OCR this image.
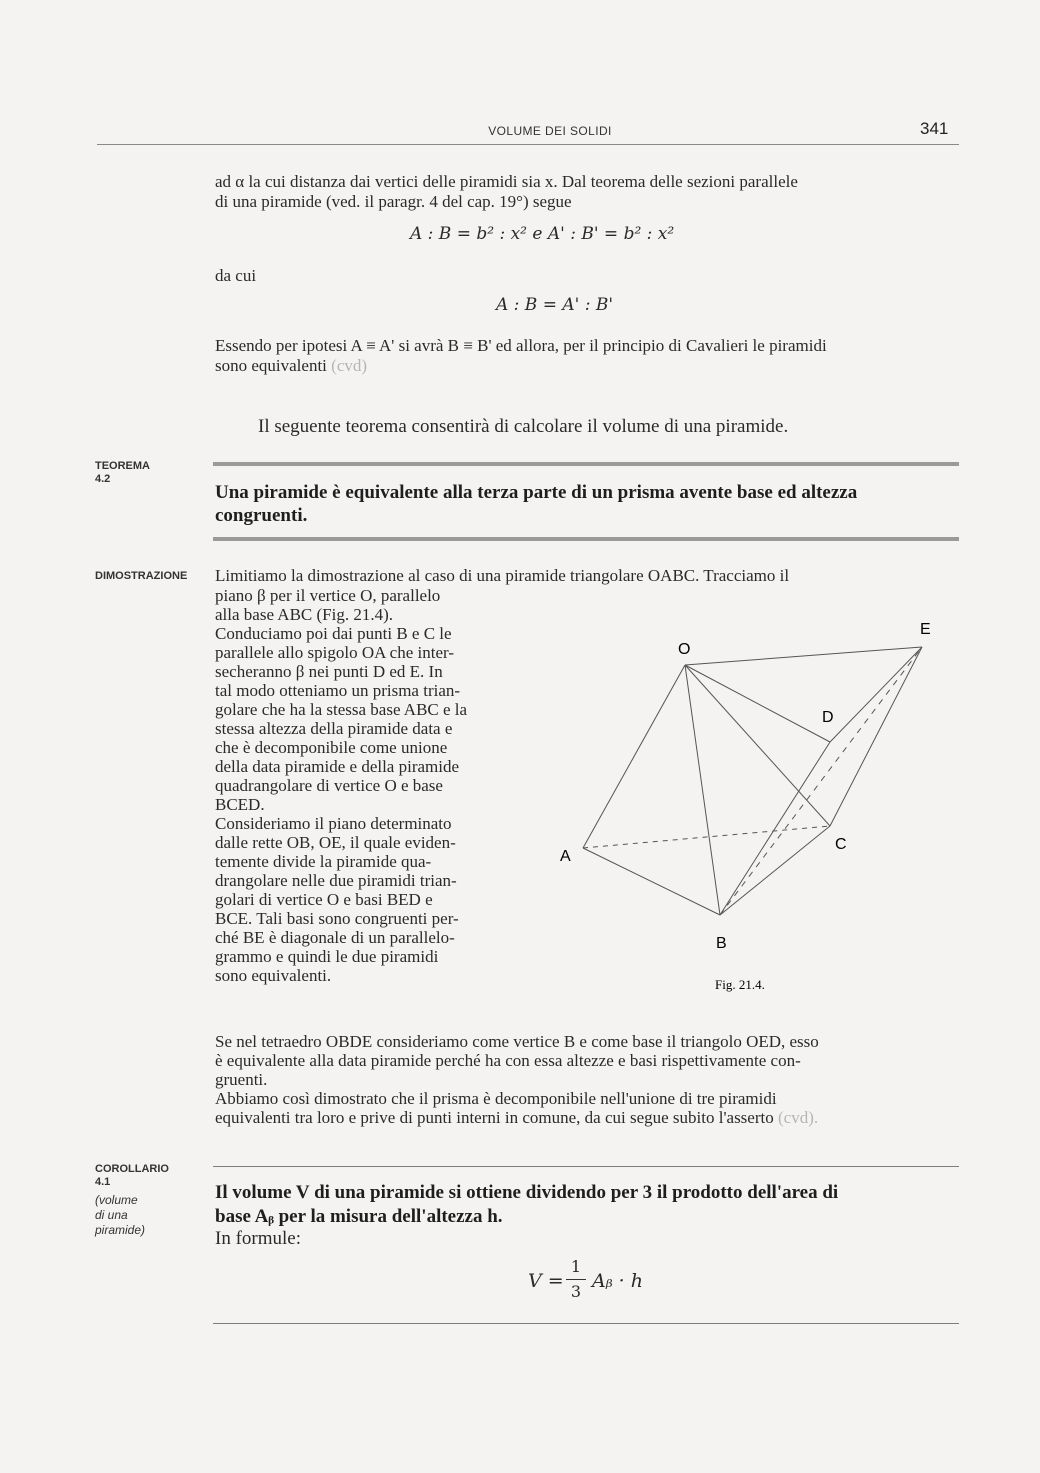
VOLUME DEI SOLIDI	341
ad α la cui distanza dai vertici delle piramidi sia x. Dal teorema delle sezioni parallele
di una piramide (ved. il paragr. 4 del cap. 19°) segue
A : B = b² : x² e A' : B' = b² : x²
da cui
A : B = A' : B'
Essendo per ipotesi A ≡ A' si avrà B ≡ B' ed allora, per il principio di Cavalieri le piramidi
sono equivalenti (cvd)
Il seguente teorema consentirà di calcolare il volume di una piramide.
TEOREMA
4.2
Una piramide è equivalente alla terza parte di un prisma avente base ed altezza
congruenti.
DIMOSTRAZIONE Limitiamo la dimostrazione al caso di una piramide triangolare OABC. Tracciamo il
piano β per il vertice O, parallelo
alla base ABC (Fig. 21.4).
Conduciamo poi dai punti B e C le
parallele allo spigolo OA che inter-
secheranno β nei punti D ed E. In
tal modo otteniamo un prisma trian-
golare che ha la stessa base ABC e la
stessa altezza della piramide data e
che è decomponibile come unione
della data piramide e della piramide
quadrangolare di vertice O e base
BCED.
Consideriamo il piano determinato
dalle rette OB, OE, il quale eviden-
temente divide la piramide qua-
drangolare nelle due piramidi trian-
golari di vertice O e basi BED e
BCE. Tali basi sono congruenti per-
ché BE è diagonale di un parallelo-
grammo e quindi le due piramidi
sono equivalenti.
Se nel tetraedro OBDE consideriamo come vertice B e come base il triangolo OED, esso
è equivalente alla data piramide perché ha con essa altezze e basi rispettivamente con-
gruenti.
Abbiamo così dimostrato che il prisma è decomponibile nell'unione di tre piramidi
equivalenti tra loro e prive di punti interni in comune, da cui segue subito l'asserto (cvd).
O
E
D
A
B
C
Fig. 21.4.
COROLLARIO
4.1
(volume
di una
piramide)
Il volume V di una piramide si ottiene dividendo per 3 il prodotto dell'area di
base Aᵦ per la misura dell'altezza h.
In formule:
V =
1
3 Aᵦ · h
